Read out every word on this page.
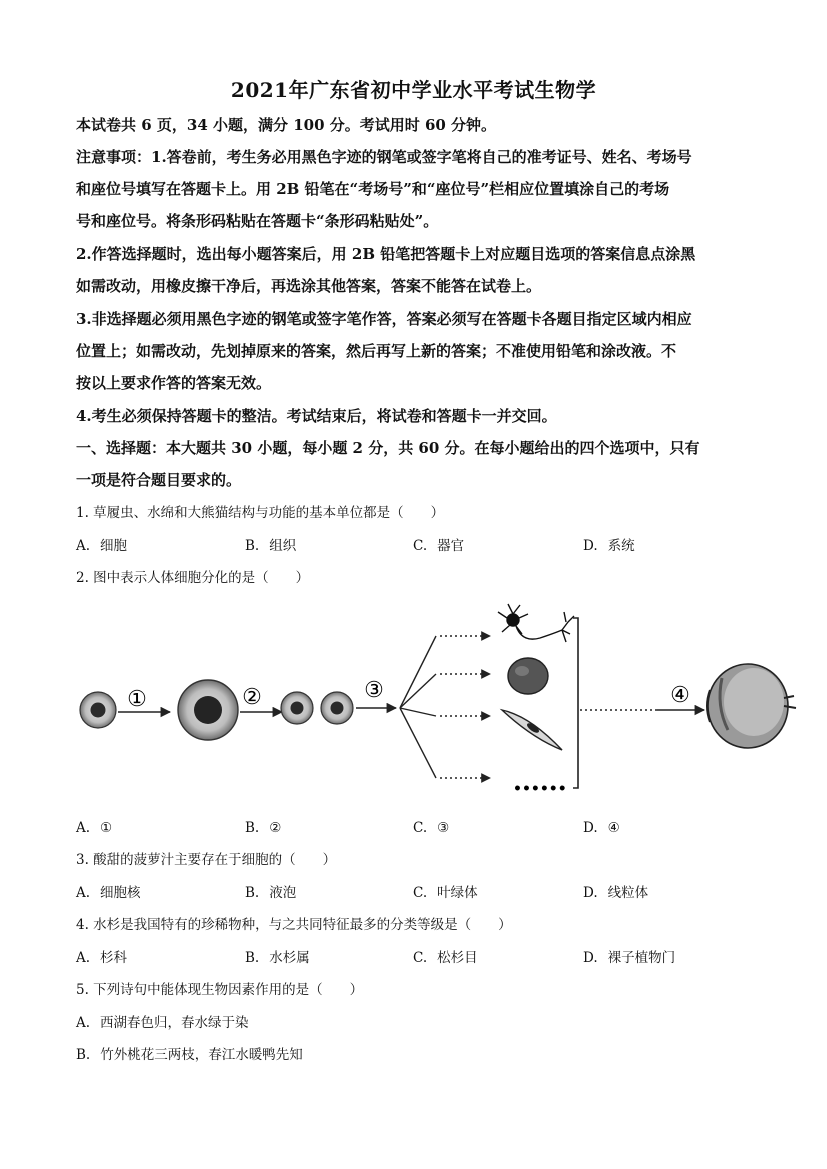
2021年广东省初中学业水平考试生物学
本试卷共 6 页，34 小题，满分 100 分。考试用时 60 分钟。
注意事项：1.答卷前，考生务必用黑色字迹的钢笔或签字笔将自己的准考证号、姓名、考场号
和座位号填写在答题卡上。用 2B 铅笔在“考场号”和“座位号”栏相应位置填涂自己的考场
号和座位号。将条形码粘贴在答题卡“条形码粘贴处”。
2.作答选择题时，选出每小题答案后，用 2B 铅笔把答题卡上对应题目选项的答案信息点涂黑
如需改动，用橡皮擦干净后，再选涂其他答案，答案不能答在试卷上。
3.非选择题必须用黑色字迹的钢笔或签字笔作答，答案必须写在答题卡各题目指定区域内相应
位置上；如需改动，先划掉原来的答案，然后再写上新的答案；不准使用铅笔和涂改液。不
按以上要求作答的答案无效。
4.考生必须保持答题卡的整洁。考试结束后，将试卷和答题卡一并交回。
一、选择题：本大题共 30 小题，每小题 2 分，共 60 分。在每小题给出的四个选项中，只有
一项是符合题目要求的。
1. 草履虫、水绵和大熊猫结构与功能的基本单位都是（　　）
A. 细胞	B. 组织	C. 器官	D. 系统
2. 图中表示人体细胞分化的是（　　）
①	②	③
••••••
④
A. ①	B. ②	C. ③	D. ④
3. 酸甜的菠萝汁主要存在于细胞的（　　）
A. 细胞核	B. 液泡	C. 叶绿体	D. 线粒体
4. 水杉是我国特有的珍稀物种，与之共同特征最多的分类等级是（　　）
A. 杉科	B. 水杉属	C. 松杉目	D. 裸子植物门
5. 下列诗句中能体现生物因素作用的是（　　）
A. 西湖春色归，春水绿于染
B. 竹外桃花三两枝，春江水暖鸭先知
